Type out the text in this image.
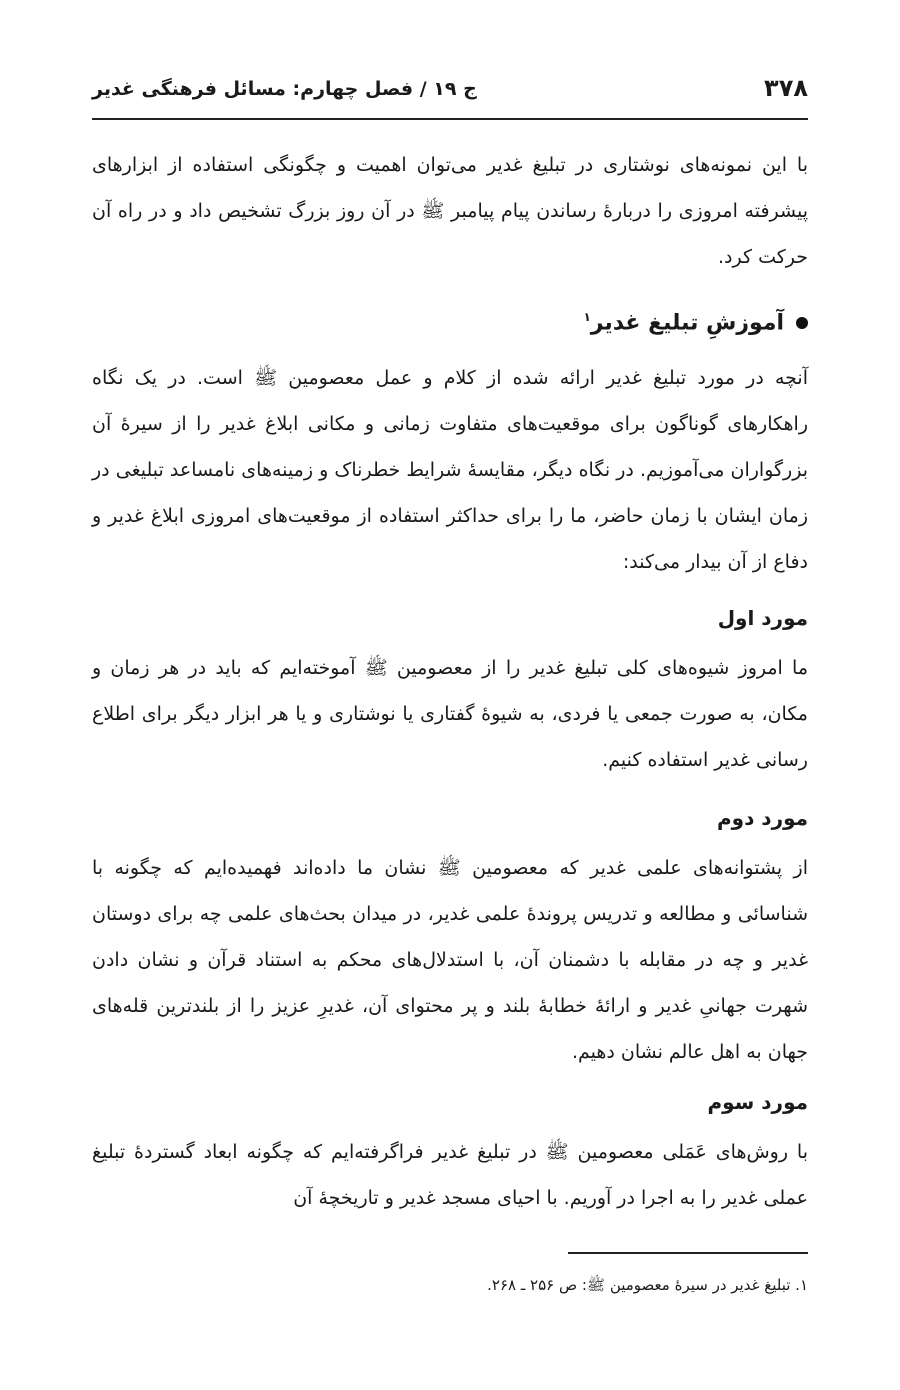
۳۷۸
ج ۱۹ / فصل چهارم: مسائل فرهنگی غدیر

با این نمونه‌های نوشتاری در تبلیغ غدیر می‌توان اهمیت و چگونگی استفاده از ابزارهای پیشرفته امروزی را دربارهٔ رساندن پیام پیامبر ﷺ در آن روز بزرگ تشخیص داد و در راه آن حرکت کرد.

آموزشِ تبلیغ غدیر$^۱$

آنچه در مورد تبلیغ غدیر ارائه شده از کلام و عمل معصومین ﷺ است. در یک نگاه راهکارهای گوناگون برای موقعیت‌های متفاوت زمانی و مکانی ابلاغ غدیر را از سیرهٔ آن بزرگواران می‌آموزیم. در نگاه دیگر، مقایسهٔ شرایط خطرناک و زمینه‌های نامساعد تبلیغی در زمان ایشان با زمان حاضر، ما را برای حداکثر استفاده از موقعیت‌های امروزی ابلاغ غدیر و دفاع از آن بیدار می‌کند:

مورد اول

ما امروز شیوه‌های کلی تبلیغ غدیر را از معصومین ﷺ آموخته‌ایم که باید در هر زمان و مکان، به صورت جمعی یا فردی، به شیوهٔ گفتاری یا نوشتاری و یا هر ابزار دیگر برای اطلاع رسانی غدیر استفاده کنیم.

مورد دوم

از پشتوانه‌های علمی غدیر که معصومین ﷺ نشان ما داده‌اند فهمیده‌ایم که چگونه با شناسائی و مطالعه و تدریس پروندهٔ علمی غدیر، در میدان بحث‌های علمی چه برای دوستان غدیر و چه در مقابله با دشمنان آن، با استدلال‌های محکم به استناد قرآن و نشان دادن شهرت جهانیِ غدیر و ارائهٔ خطابهٔ بلند و پر محتوای آن، غدیرِ عزیز را از بلندترین قله‌های جهان به اهل عالم نشان دهیم.

مورد سوم

با روش‌های عَمَلی معصومین ﷺ در تبلیغ غدیر فراگرفته‌ایم که چگونه ابعاد گستردهٔ تبلیغ عملی غدیر را به اجرا در آوریم. با احیای مسجد غدیر و تاریخچهٔ آن

۱. تبلیغ غدیر در سیرهٔ معصومین ﷺ: ص ۲۵۶ ـ ۲۶۸.
